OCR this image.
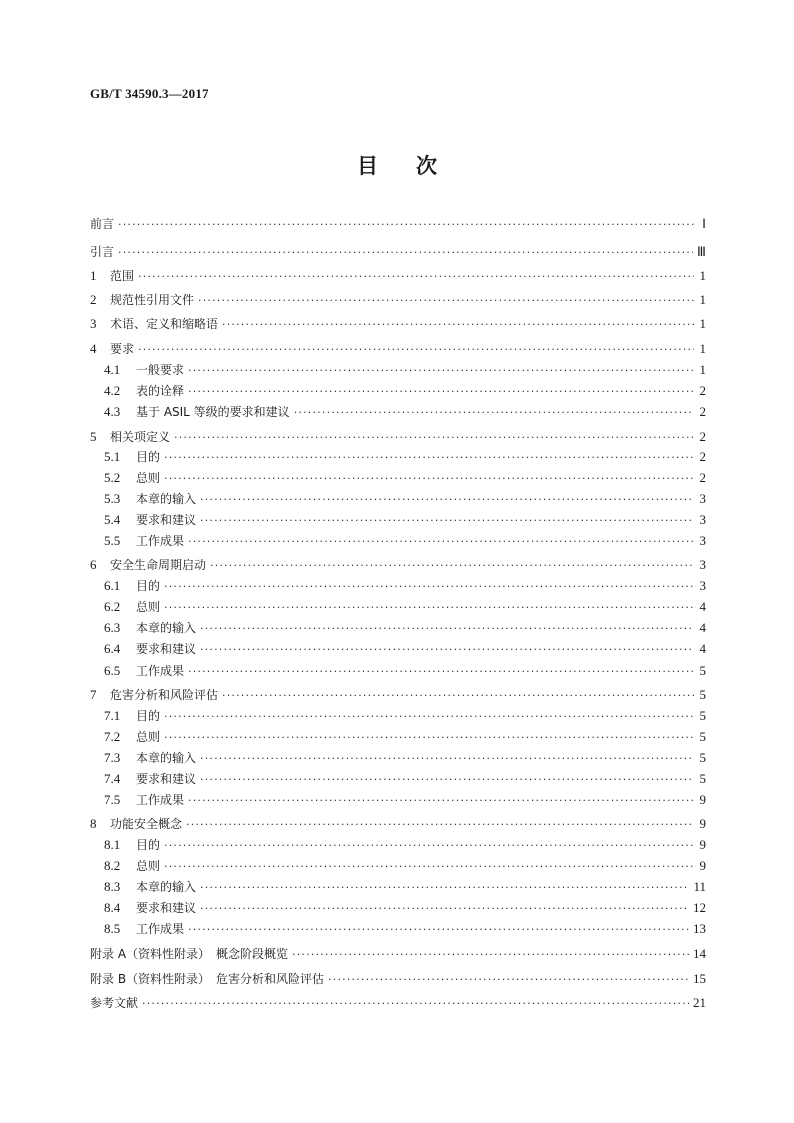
GB/T 34590.3—2017
目次
前言 ·····	Ⅰ
引言 ·····	Ⅲ
1	范围 ·····	1
2	规范性引用文件 ·····	1
3	术语、定义和缩略语 ·····	1
4	要求 ·····	1
4.1	一般要求 ·····	1
4.2	表的诠释 ·····	2
4.3	基于 ASIL 等级的要求和建议 ·····	2
5	相关项定义 ·····	2
5.1	目的 ·····	2
5.2	总则 ·····	2
5.3	本章的输入 ·····	3
5.4	要求和建议 ·····	3
5.5	工作成果 ·····	3
6	安全生命周期启动 ·····	3
6.1	目的 ·····	3
6.2	总则 ·····	4
6.3	本章的输入 ·····	4
6.4	要求和建议 ·····	4
6.5	工作成果 ·····	5
7	危害分析和风险评估 ·····	5
7.1	目的 ·····	5
7.2	总则 ·····	5
7.3	本章的输入 ·····	5
7.4	要求和建议 ·····	5
7.5	工作成果 ·····	9
8	功能安全概念 ·····	9
8.1	目的 ·····	9
8.2	总则 ·····	9
8.3	本章的输入 ·····	11
8.4	要求和建议 ·····	12
8.5	工作成果 ·····	13
附录 A（资料性附录）　概念阶段概览 ·····	14
附录 B（资料性附录）　危害分析和风险评估 ·····	15
参考文献 ·····	21
